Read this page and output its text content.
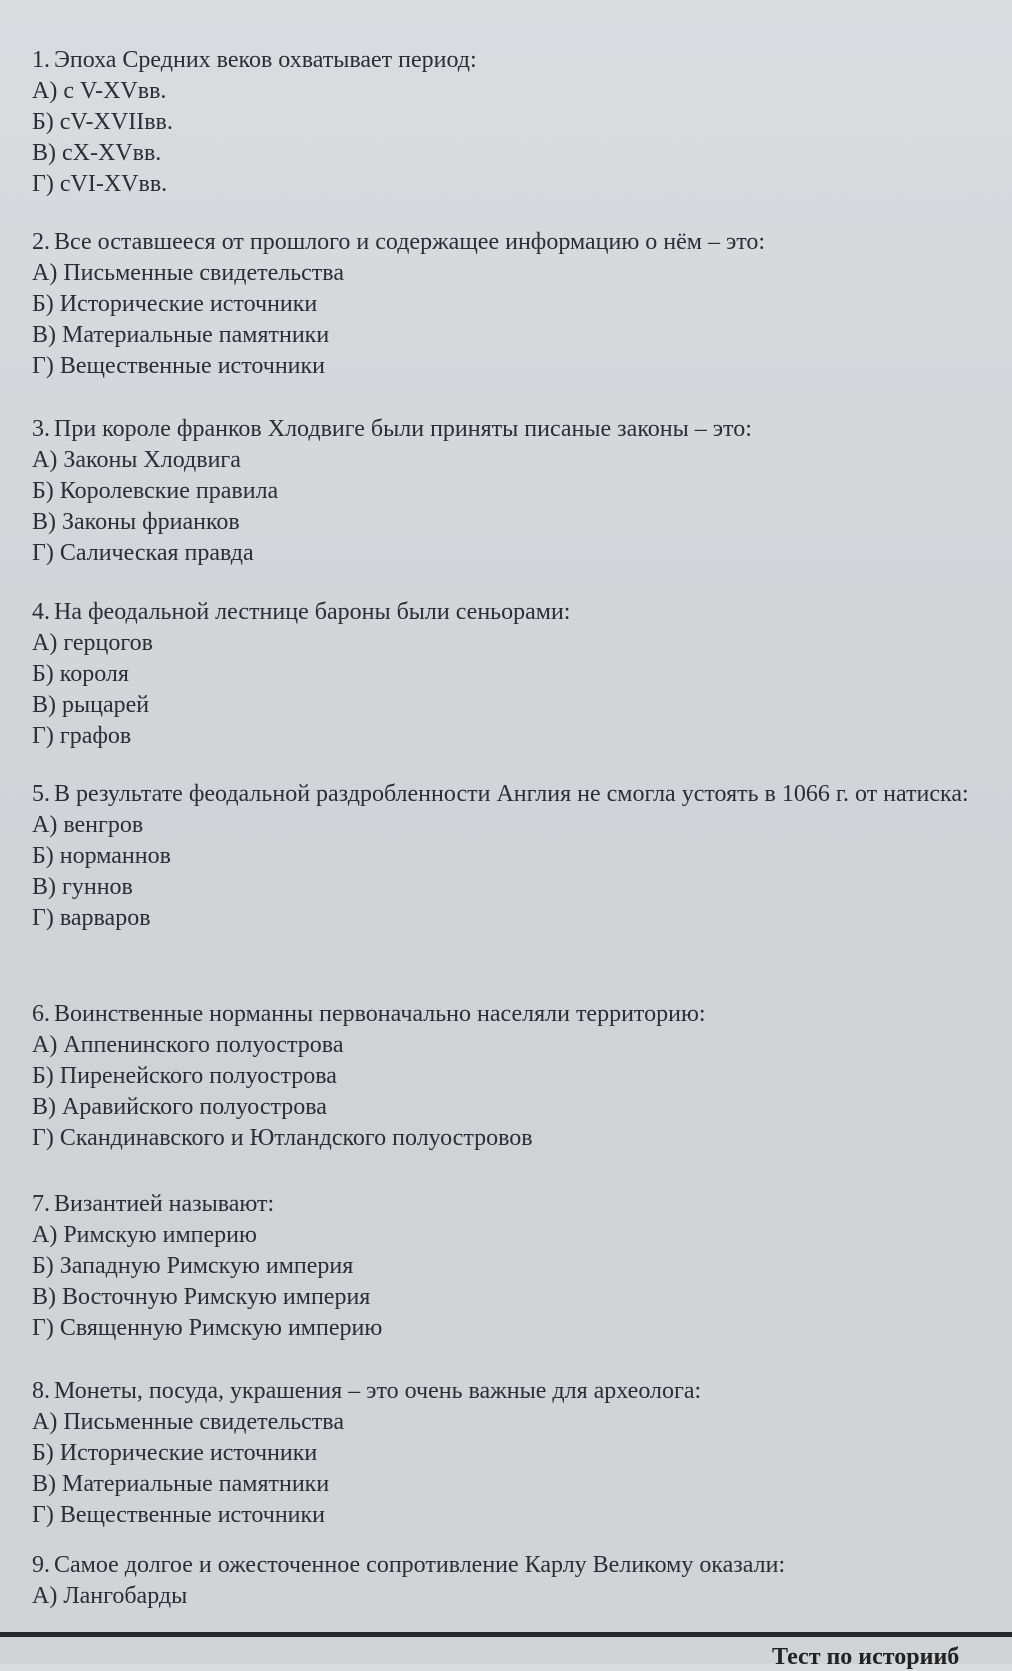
1. Эпоха Средних веков охватывает период:

А) с V-XVвв.

Б) cV-XVIIвв.

В) cX-XVвв.

Г) cVI-XVвв.

2. Все оставшееся от прошлого и содержащее информацию о нём – это:

А) Письменные свидетельства

Б) Исторические источники

В) Материальные памятники

Г) Вещественные источники

3. При короле франков Хлодвиге были приняты писаные законы – это:

А) Законы Хлодвига

Б) Королевские правила

В) Законы фрианков

Г) Салическая правда

4. На феодальной лестнице бароны были сеньорами:

А) герцогов

Б) короля

В) рыцарей

Г) графов

5. В результате феодальной раздробленности Англия не смогла устоять в 1066 г. от натиска:

А) венгров

Б) норманнов

В) гуннов

Г) варваров

6. Воинственные норманны первоначально населяли территорию:

А) Аппенинского полуострова

Б) Пиренейского полуострова

В) Аравийского полуострова

Г) Скандинавского и Ютландского полуостровов

7. Византией называют:

А) Римскую империю

Б) Западную Римскую империя

В) Восточную Римскую империя

Г) Священную Римскую империю

8. Монеты, посуда, украшения – это очень важные для археолога:

А) Письменные свидетельства

Б) Исторические источники

В) Материальные памятники

Г) Вещественные источники

9. Самое долгое и ожесточенное сопротивление Карлу Великому оказали:

А) Лангобарды

Тест по историиб
